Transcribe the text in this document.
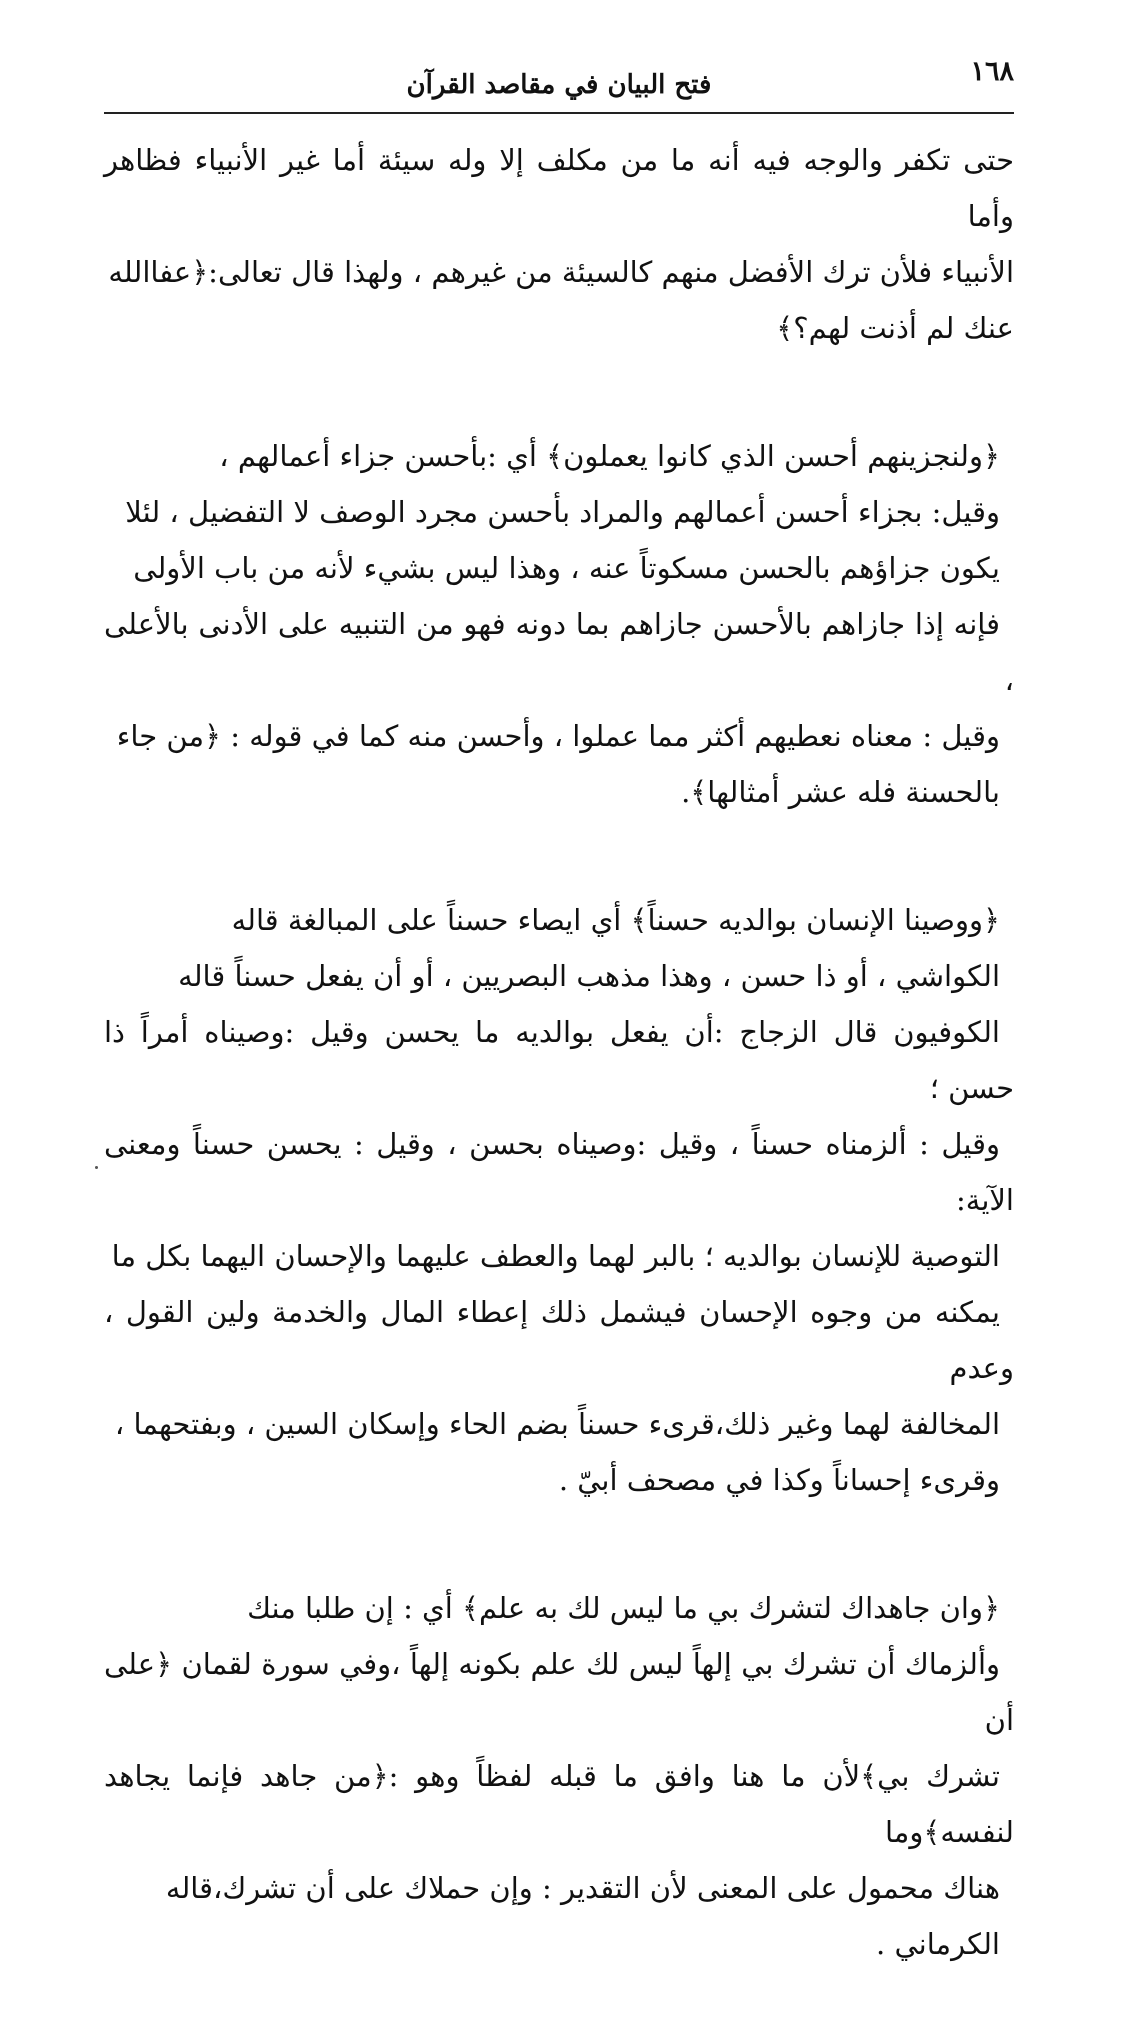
١٦٨
فتح البيان في مقاصد القرآن
حتى تكفر والوجه فيه أنه ما من مكلف إلا وله سيئة أما غير الأنبياء فظاهر وأما
الأنبياء فلأن ترك الأفضل منهم كالسيئة من غيرهم ، ولهذا قال تعالى:﴿عفاالله
عنك لم أذنت لهم؟﴾
﴿ولنجزينهم أحسن الذي كانوا يعملون﴾ أي :بأحسن جزاء أعمالهم ،
وقيل: بجزاء أحسن أعمالهم والمراد بأحسن مجرد الوصف لا التفضيل ، لئلا
يكون جزاؤهم بالحسن مسكوتاً عنه ، وهذا ليس بشيء لأنه من باب الأولى
فإنه إذا جازاهم بالأحسن جازاهم بما دونه فهو من التنبيه على الأدنى بالأعلى ،
وقيل : معناه نعطيهم أكثر مما عملوا ، وأحسن منه كما في قوله : ﴿من جاء
بالحسنة فله عشر أمثالها﴾.
﴿ووصينا الإنسان بوالديه حسناً﴾ أي ايصاء حسناً على المبالغة قاله
الكواشي ، أو ذا حسن ، وهذا مذهب البصريين ، أو أن يفعل حسناً قاله
الكوفيون قال الزجاج :أن يفعل بوالديه ما يحسن وقيل :وصيناه أمراً ذا حسن ؛
وقيل : ألزمناه حسناً ، وقيل :وصيناه بحسن ، وقيل : يحسن حسناً ومعنى الآية:
التوصية للإنسان بوالديه ؛ بالبر لهما والعطف عليهما والإحسان اليهما بكل ما
يمكنه من وجوه الإحسان فيشمل ذلك إعطاء المال والخدمة ولين القول ، وعدم
المخالفة لهما وغير ذلك،قرىء حسناً بضم الحاء وإسكان السين ، وبفتحهما ،
وقرىء إحساناً وكذا في مصحف أبيّ .
﴿وان جاهداك لتشرك بي ما ليس لك به علم﴾ أي : إن طلبا منك
وألزماك أن تشرك بي إلهاً ليس لك علم بكونه إلهاً ،وفي سورة لقمان ﴿على أن
تشرك بي﴾لأن ما هنا وافق ما قبله لفظاً وهو :﴿من جاهد فإنما يجاهد لنفسه﴾وما
هناك محمول على المعنى لأن التقدير : وإن حملاك على أن تشرك،قاله
الكرماني .
